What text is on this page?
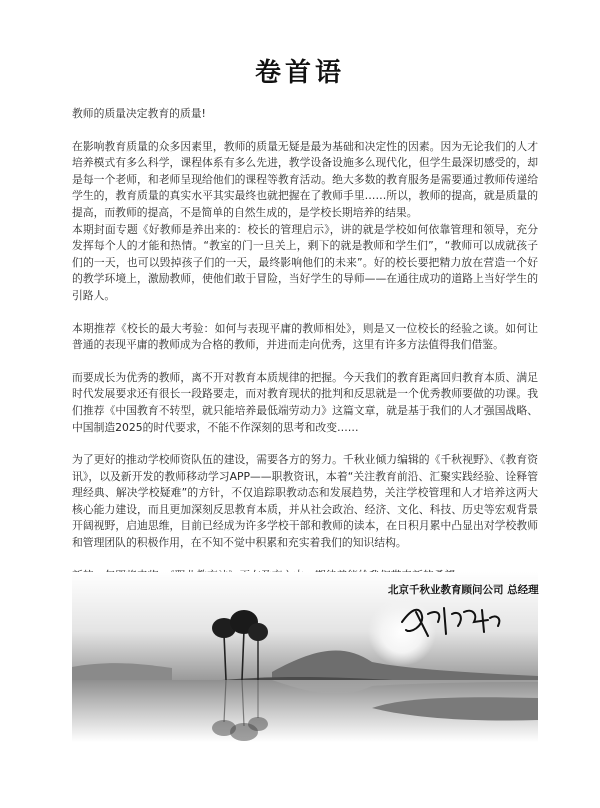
卷首语

教师的质量决定教育的质量!

在影响教育质量的众多因素里，教师的质量无疑是最为基础和决定性的因素。因为无论我们的人才培养模式有多么科学，课程体系有多么先进，教学设备设施多么现代化，但学生最深切感受的，却是每一个老师，和老师呈现给他们的课程等教育活动。绝大多数的教育服务是需要通过教师传递给学生的，教育质量的真实水平其实最终也就把握在了教师手里……所以，教师的提高，就是质量的提高，而教师的提高，不是简单的自然生成的，是学校长期培养的结果。

本期封面专题《好教师是养出来的：校长的管理启示》，讲的就是学校如何依靠管理和领导，充分发挥每个人的才能和热情。“教室的门一旦关上，剩下的就是教师和学生们”，“教师可以成就孩子们的一天，也可以毁掉孩子们的一天，最终影响他们的未来”。好的校长要把精力放在营造一个好的教学环境上，激励教师，使他们敢于冒险，当好学生的导师——在通往成功的道路上当好学生的引路人。

本期推荐《校长的最大考验：如何与表现平庸的教师相处》，则是又一位校长的经验之谈。如何让普通的表现平庸的教师成为合格的教师，并进而走向优秀，这里有许多方法值得我们借鉴。

而要成长为优秀的教师，离不开对教育本质规律的把握。今天我们的教育距离回归教育本质、满足时代发展要求还有很长一段路要走，而对教育现状的批判和反思就是一个优秀教师要做的功课。我们推荐《中国教育不转型，就只能培养最低端劳动力》这篇文章，就是基于我们的人才强国战略、中国制造2025的时代要求，不能不作深刻的思考和改变……

为了更好的推动学校师资队伍的建设，需要各方的努力。千秋业倾力编辑的《千秋视野》、《教育资讯》，以及新开发的教师移动学习APP——职教资讯，本着“关注教育前沿、汇聚实践经验、诠释管理经典、解决学校疑难”的方针，不仅追踪职教动态和发展趋势，关注学校管理和人才培养这两大核心能力建设，而且更加深刻反思教育本质，并从社会政治、经济、文化、科技、历史等宏观背景开阔视野，启迪思维，目前已经成为许多学校干部和教师的读本，在日积月累中凸显出对学校教师和管理团队的积极作用，在不知不觉中积累和充实着我们的知识结构。

北京千秋业教育顾问公司 总经理
